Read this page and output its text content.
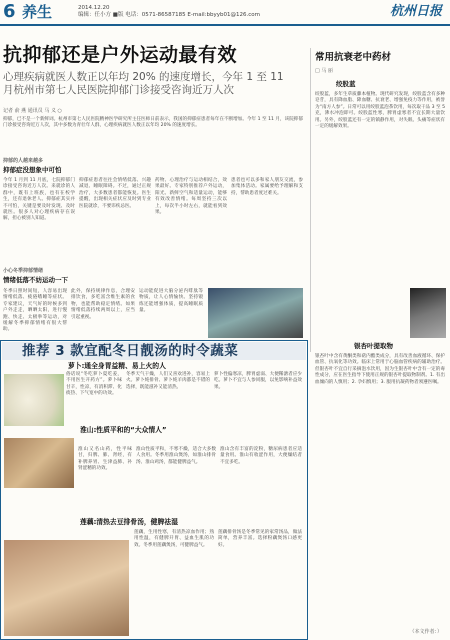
6 养生	2014.12.20
编辑：任小方 ■版 电话：0571-86587185 E-mail:bbyyb01@126.com	杭州日报
抗抑郁还是户外运动最有效
心理疾病就医人数正以年均 20% 的速度增长，今年 1 至 11
月杭州市第七人民医院抑郁门诊接受咨询近万人次
记者 俞 燕 通讯员 马 义 ○
抑郁，已不是一个新鲜词。杭州市第七人民医院精神医学研究所主任医师日前表示，我国的抑郁症患者每年在不断增加。今年 1 至 11 月，该院抑郁门诊接受咨询近万人次，其中多数为青壮年人群，心理疾病就医人数正以年均 20% 的速度增长。
抑郁的人越来越多
抑郁症没想象中可怕
今年 1 月到 11 月底，七院抑郁门诊接受咨询近万人次。来就诊的人群中，既有上班族，也有在校学生，还有退休老人。抑郁症其实并不可怕，关键是要及时发现、及时就医。很多人对心理疾病存在误解，担心被别人知道。
抑郁症患者往往会情绪低落、兴趣减退、睡眠障碍。不过，通过正规治疗，大多数患者都能恢复。医生提醒，出现相关症状应及时到专业医院就诊，不要讳疾忌医。
药物、心理治疗与运动相结合，效果最好。专家特别推荐户外运动，阳光、新鲜空气和适量运动，能够有效改善情绪。每周坚持三次以上，每次半小时左右，就能看到效果。
患者也可以多和家人朋友交流，参加集体活动。家属要给予理解和支持，帮助患者度过难关。
小心冬季抑郁情绪
情绪低落不妨运动一下
冬季日照时间短，人容易出现情绪低落、疲倦嗜睡等症状。专家建议，天气好的时候多到户外走走，晒晒太阳，进行慢跑、快走、太极拳等运动，对缓解冬季抑郁情绪有很大帮助。
此外，保持规律作息，合理安排饮食，多吃富含维生素的食物，也能帮助稳定情绪。如果情绪低落持续两周以上，应当引起重视。
运动能促进大脑分泌内啡肽等物质，让人心情愉快。坚持锻炼还能增强体质，提高睡眠质量。
常用抗衰老中药材
□ 马 丽
绞股蓝
绞股蓝，多年生草质藤本植物。现代研究发现，绞股蓝含有多种皂苷，具有降血脂、降血糖、抗衰老、增强免疫力等作用，被誉为“南方人参”。日常可以用绞股蓝泡茶饮用，每次取干品 3 至 5 克，沸水冲泡即可。绞股蓝性寒，脾胃虚寒者不宜长期大量饮用。另外，绞股蓝还有一定的镇静作用，对失眠、头痛等症状有一定的缓解效果。
银杏叶提取物
银杏叶中含有黄酮类和萜内酯类成分，具有改善血液循环、保护血管、抗氧化等功效。临床上常用于心脑血管疾病的辅助治疗。但银杏叶不宜自行采摘泡水饮用，因为生银杏叶中含有一定的毒性成分，应在医生指导下使用正规的银杏叶提取物制剂。1. 有出血倾向的人慎用；2. 孕妇慎用；3. 服用抗凝药物者须遵医嘱。
（本文作者：）
推荐 3 款宜配冬日靓汤的时令蔬菜
萝卜:通全身胃益精、易上火的人
俗话说“冬吃萝卜夏吃姜，不用医生开药方”。萝卜味甘辛，性凉，有消积滞、化痰热、下气宽中的功效。
冬季天气干燥，人们又喜欢进补，容易上火。萝卜炖排骨、萝卜炖羊肉都是不错的选择，既能滋补又能清热。
萝卜性偏寒凉，脾胃虚弱、大便稀溏者应少吃。萝卜不宜与人参同服，以免影响补益效果。
淮山:性质平和的“大众情人”
淮山又名山药，性平味甘，归脾、肺、肾经，有补脾养胃、生津益肺、补肾涩精的功效。
淮山性质平和，不寒不燥，适合大多数人食用。冬季用淮山煲汤，如淮山排骨汤、淮山鸡汤，都能健脾益气。
淮山含有丰富的淀粉，糖尿病患者应适量食用。淮山有收涩作用，大便燥结者不宜多吃。
莲藕:清热去豆排骨汤，健脾祛湿
莲藕，生用性寒，有清热凉血作用；熟用性温，有健脾开胃、益血生肌的功效。冬季用莲藕煲汤，可健脾益气。
莲藕排骨汤是冬季常见的家常汤品，做法简单，营养丰富。选择粉藕煲汤口感更好。
